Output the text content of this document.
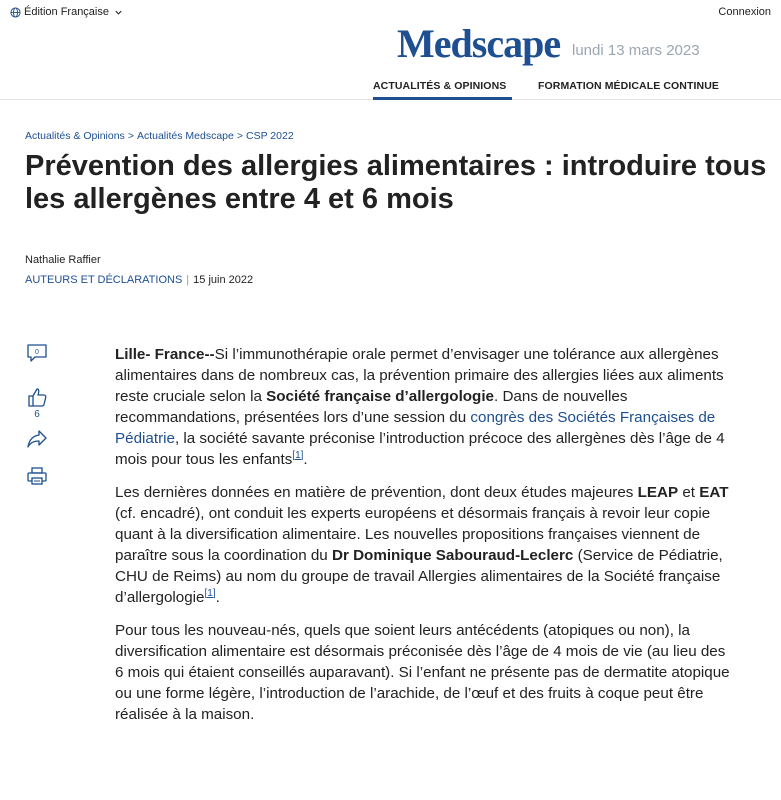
Édition Française	Connexion
Medscape lundi 13 mars 2023
ACTUALITÉS & OPINIONS	FORMATION MÉDICALE CONTINUE
Actualités & Opinions > Actualités Medscape > CSP 2022
Prévention des allergies alimentaires : introduire tous les allergènes entre 4 et 6 mois
Nathalie Raffier
AUTEURS ET DÉCLARATIONS | 15 juin 2022
0
6

Lille- France--Si l’immunothérapie orale permet d’envisager une tolérance aux allergènes alimentaires dans de nombreux cas, la prévention primaire des allergies liées aux aliments reste cruciale selon la Société française d’allergologie. Dans de nouvelles recommandations, présentées lors d’une session du congrès des Sociétés Françaises de Pédiatrie, la société savante préconise l’introduction précoce des allergènes dès l’âge de 4 mois pour tous les enfants[1].

Les dernières données en matière de prévention, dont deux études majeures LEAP et EAT (cf. encadré), ont conduit les experts européens et désormais français à revoir leur copie quant à la diversification alimentaire. Les nouvelles propositions françaises viennent de paraître sous la coordination du Dr Dominique Sabouraud-Leclerc (Service de Pédiatrie, CHU de Reims) au nom du groupe de travail Allergies alimentaires de la Société française d’allergologie[1].

Pour tous les nouveau-nés, quels que soient leurs antécédents (atopiques ou non), la diversification alimentaire est désormais préconisée dès l’âge de 4 mois de vie (au lieu des 6 mois qui étaient conseillés auparavant). Si l’enfant ne présente pas de dermatite atopique ou une forme légère, l’introduction de l’arachide, de l’œuf et des fruits à coque peut être réalisée à la maison.
